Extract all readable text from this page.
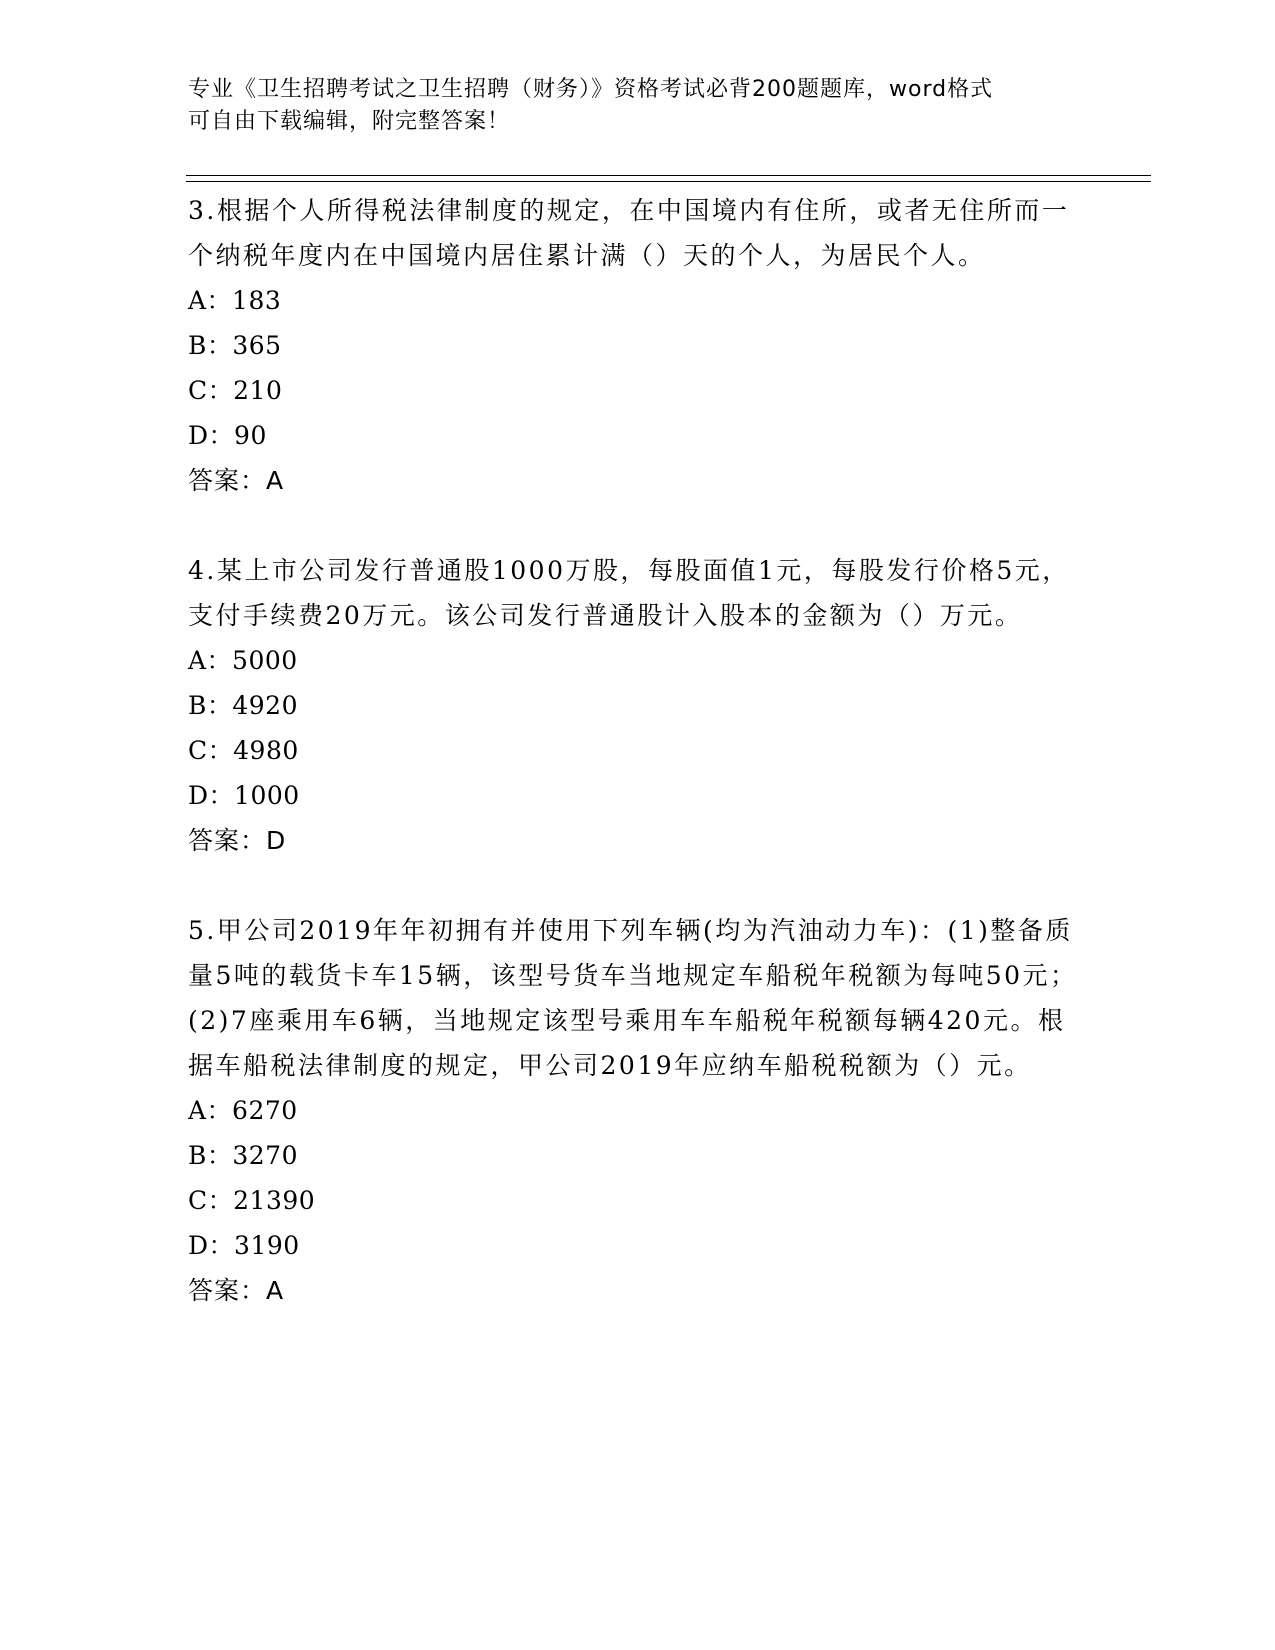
专业《卫生招聘考试之卫生招聘（财务）》资格考试必背200题题库，word格式
可自由下载编辑，附完整答案！
3.根据个人所得税法律制度的规定，在中国境内有住所，或者无住所而一个纳税年度内在中国境内居住累计满（）天的个人，为居民个人。
A：183
B：365
C：210
D：90
答案：A
4.某上市公司发行普通股1000万股，每股面值1元，每股发行价格5元，支付手续费20万元。该公司发行普通股计入股本的金额为（）万元。
A：5000
B：4920
C：4980
D：1000
答案：D
5.甲公司2019年年初拥有并使用下列车辆(均为汽油动力车)：(1)整备质量5吨的载货卡车15辆，该型号货车当地规定车船税年税额为每吨50元；(2)7座乘用车6辆，当地规定该型号乘用车车船税年税额每辆420元。根据车船税法律制度的规定，甲公司2019年应纳车船税税额为（）元。
A：6270
B：3270
C：21390
D：3190
答案：A
